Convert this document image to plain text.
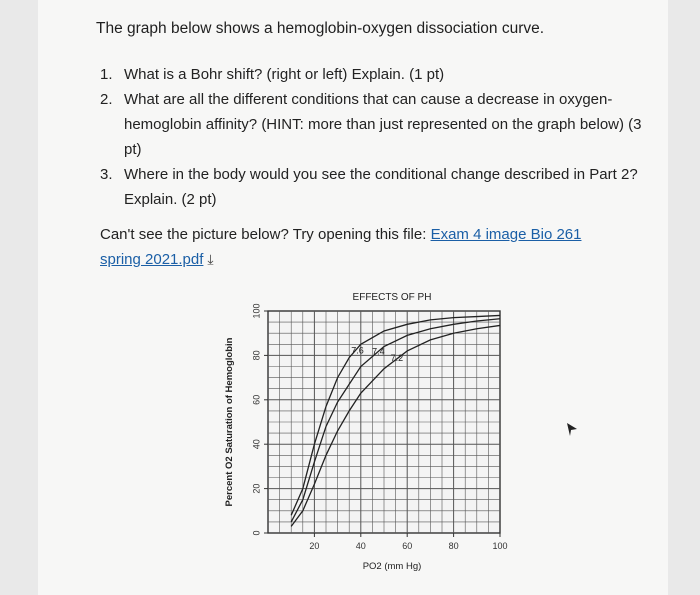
The graph below shows a hemoglobin-oxygen dissociation curve.
1. What is a Bohr shift? (right or left) Explain. (1 pt)
2. What are all the different conditions that can cause a decrease in oxygen-hemoglobin affinity? (HINT: more than just represented on the graph below) (3 pt)
3. Where in the body would you see the conditional change described in Part 2? Explain. (2 pt)
Can't see the picture below? Try opening this file: Exam 4 image Bio 261 spring 2021.pdf ⤓
0
20
40
60
80
100
20	40	60	80	100
EFFECTS OF PH
PO2 (mm Hg)
Percent O2 Saturation of Hemoglobin	7.6 7.4
7.2
